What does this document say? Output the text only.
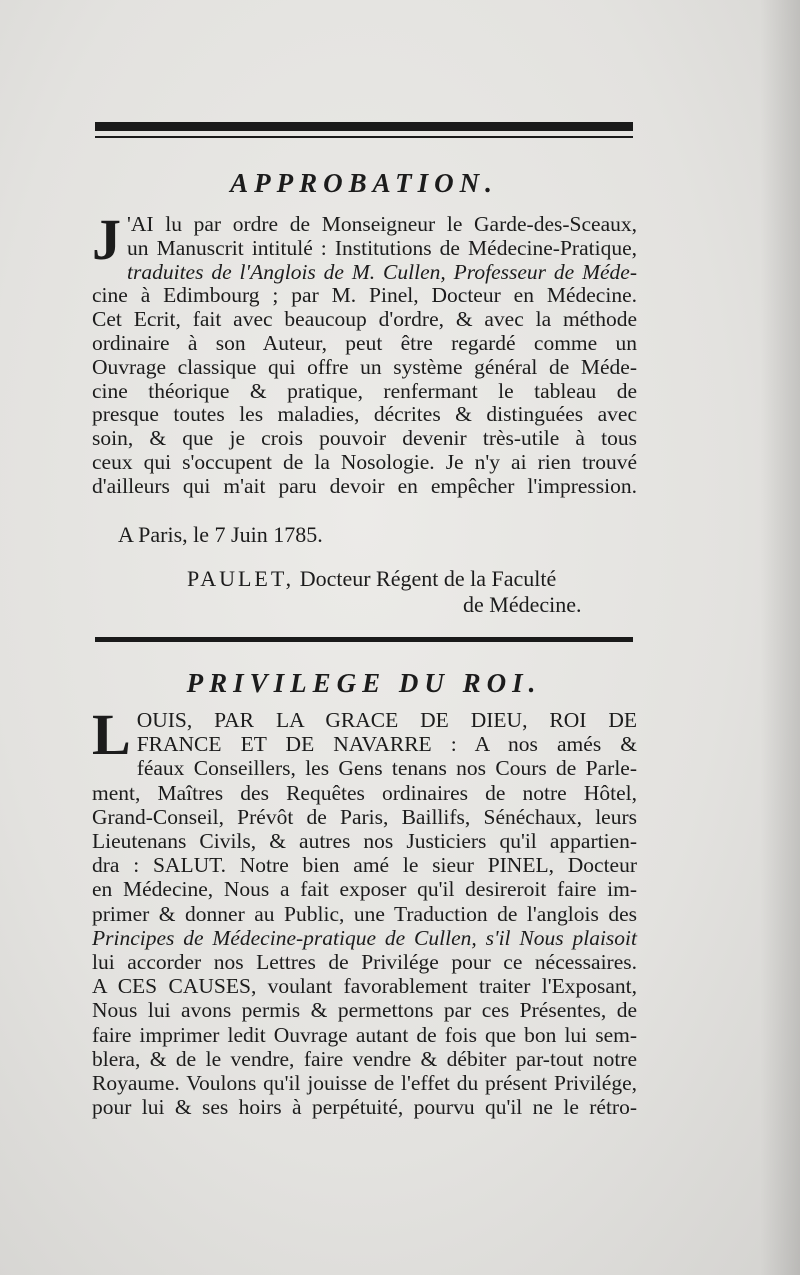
APPROBATION.
J 'AI lu par ordre de Monseigneur le Garde-des-Sceaux,
un Manuscrit intitulé : Institutions de Médecine-Pratique,
traduites de l'Anglois de M. Cullen, Professeur de Méde-
cine à Edimbourg ; par M. Pinel, Docteur en Médecine.
Cet Ecrit, fait avec beaucoup d'ordre, & avec la méthode
ordinaire à son Auteur, peut être regardé comme un
Ouvrage classique qui offre un système général de Méde-
cine théorique & pratique, renfermant le tableau de
presque toutes les maladies, décrites & distinguées avec
soin, & que je crois pouvoir devenir très-utile à tous
ceux qui s'occupent de la Nosologie. Je n'y ai rien trouvé
d'ailleurs qui m'ait paru devoir en empêcher l'impression.
A Paris, le 7 Juin 1785.
PAULET, Docteur Régent de la Faculté
de Médecine.
PRIVILEGE DU ROI.
L OUIS, PAR LA GRACE DE DIEU, ROI DE
FRANCE ET DE NAVARRE : A nos amés &
féaux Conseillers, les Gens tenans nos Cours de Parle-
ment, Maîtres des Requêtes ordinaires de notre Hôtel,
Grand-Conseil, Prévôt de Paris, Baillifs, Sénéchaux, leurs
Lieutenans Civils, & autres nos Justiciers qu'il appartien-
dra : SALUT. Notre bien amé le sieur PINEL, Docteur
en Médecine, Nous a fait exposer qu'il desireroit faire im-
primer & donner au Public, une Traduction de l'anglois des
Principes de Médecine-pratique de Cullen, s'il Nous plaisoit
lui accorder nos Lettres de Privilége pour ce nécessaires.
A CES CAUSES, voulant favorablement traiter l'Exposant,
Nous lui avons permis & permettons par ces Présentes, de
faire imprimer ledit Ouvrage autant de fois que bon lui sem-
blera, & de le vendre, faire vendre & débiter par-tout notre
Royaume. Voulons qu'il jouisse de l'effet du présent Privilége,
pour lui & ses hoirs à perpétuité, pourvu qu'il ne le rétro-
